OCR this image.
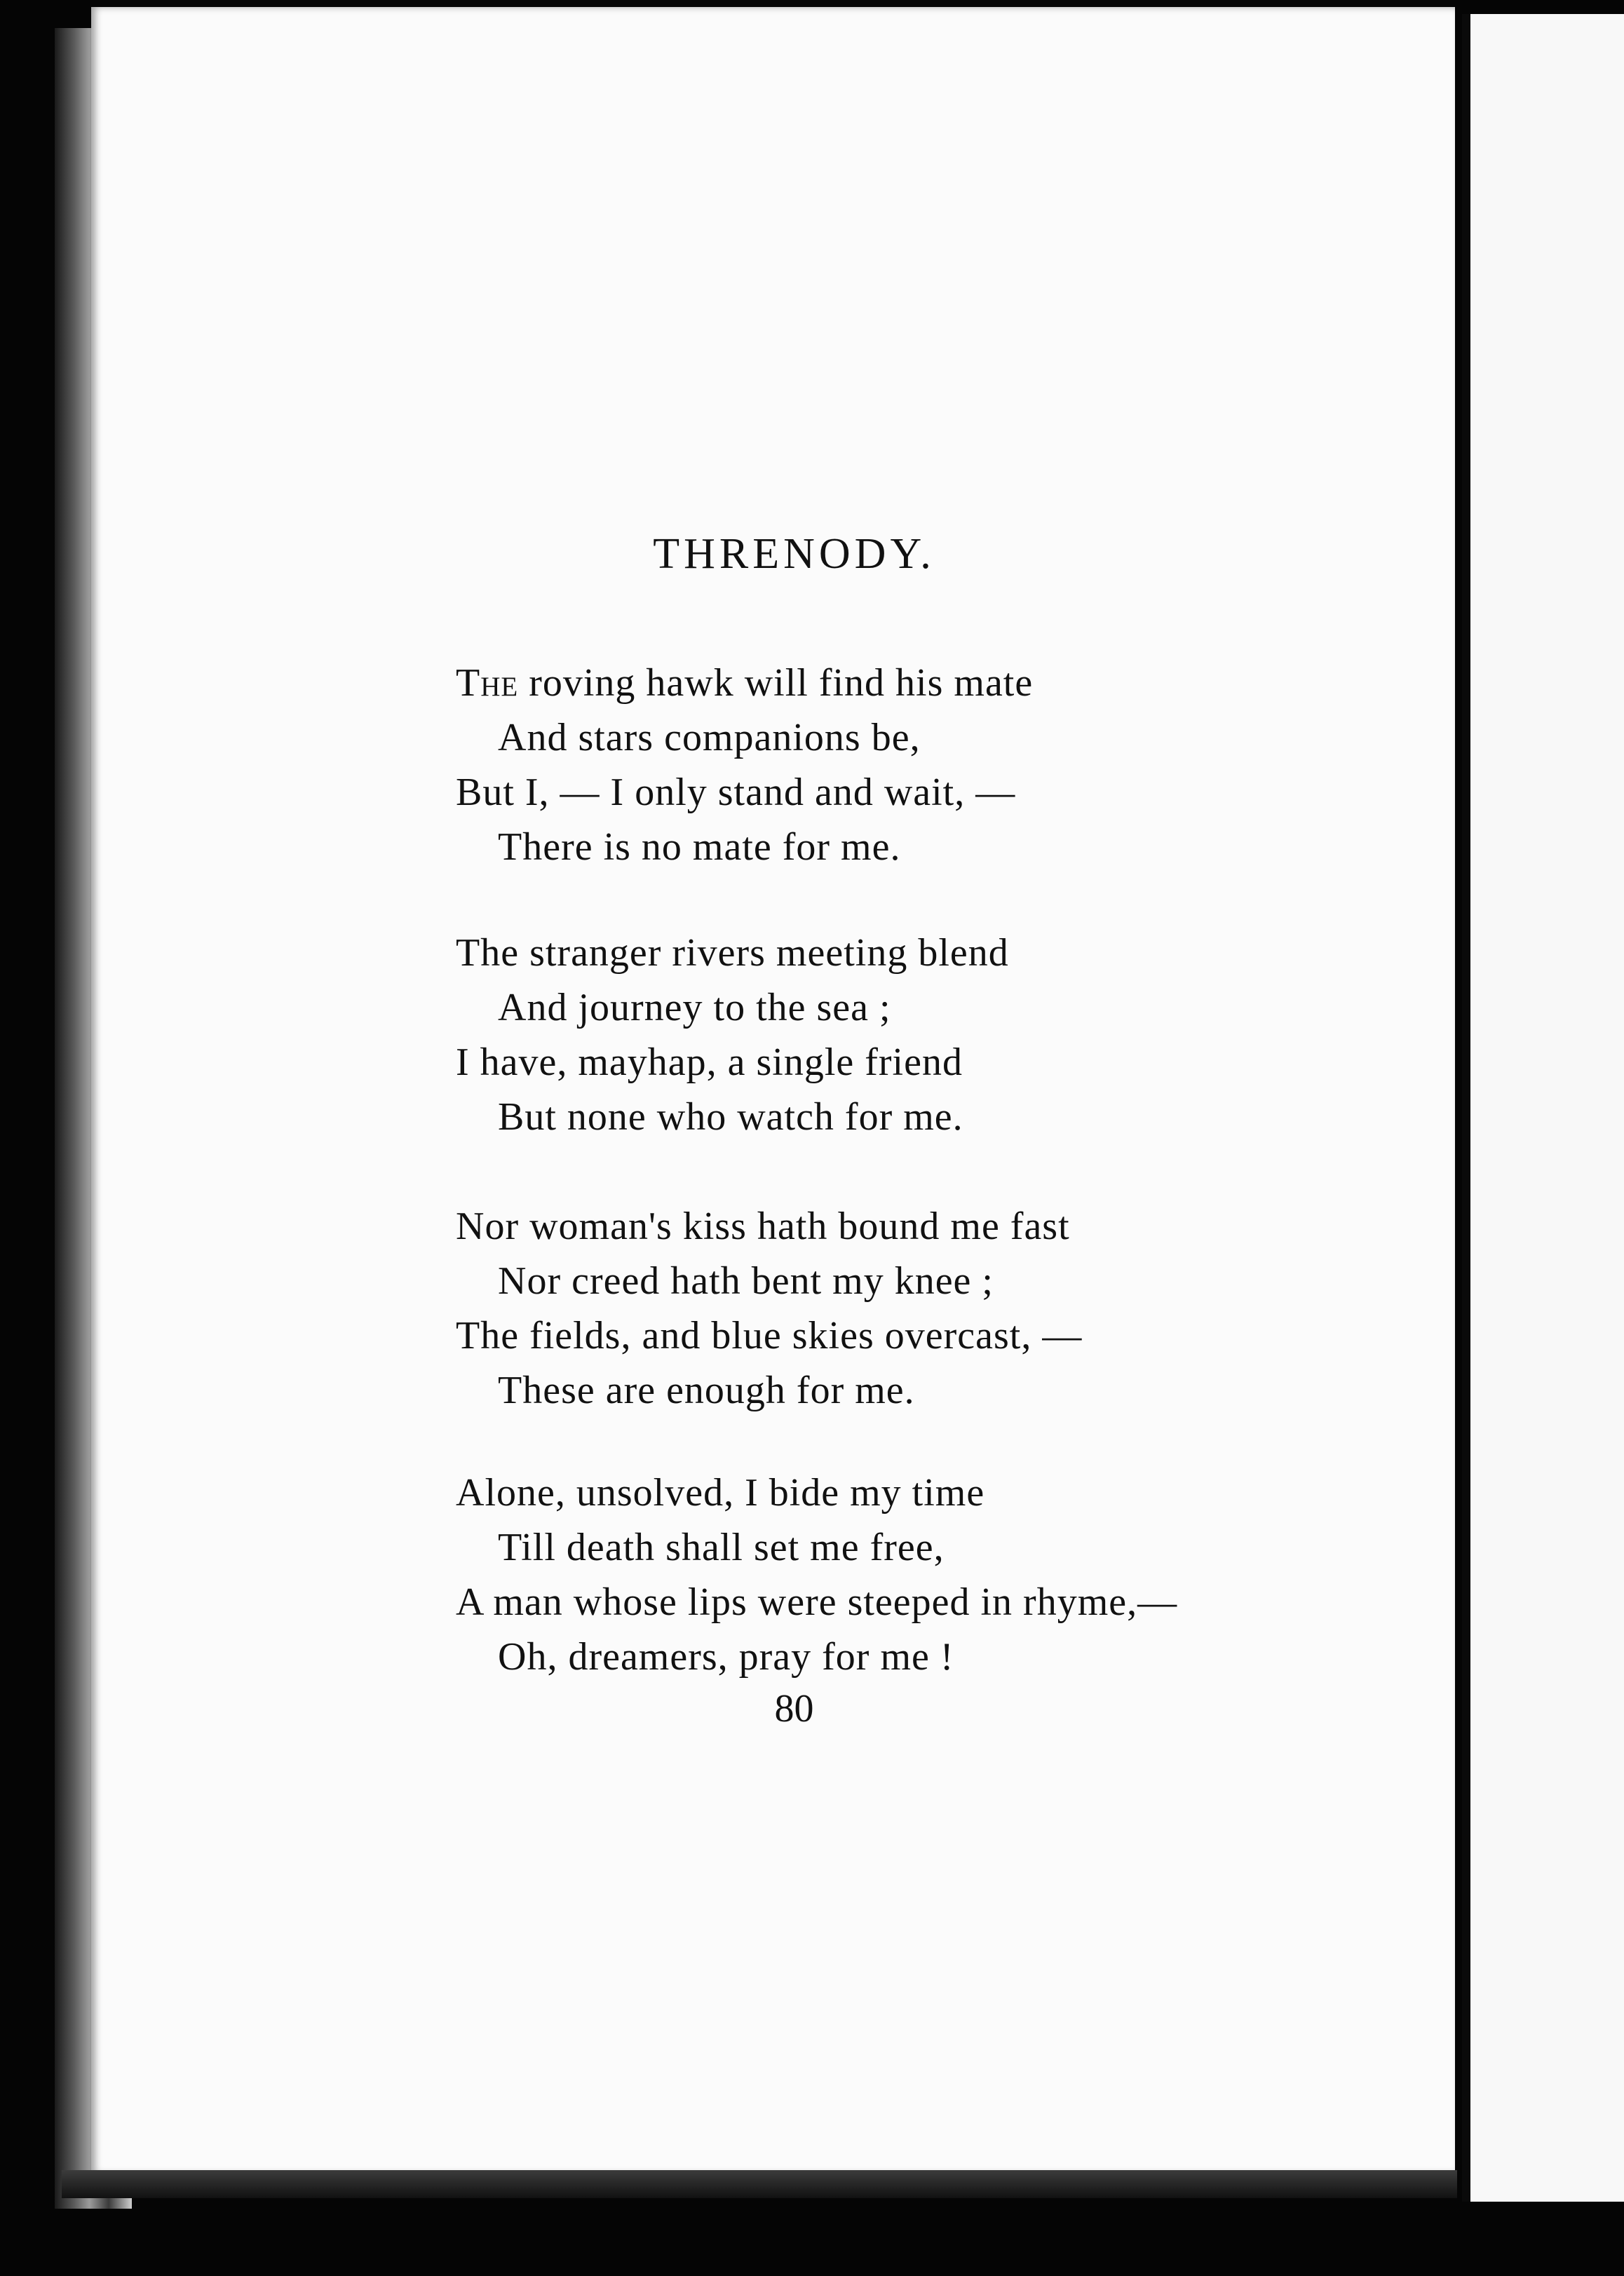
THRENODY.
The roving hawk will find his mate
And stars companions be,
But I, — I only stand and wait, —
There is no mate for me.
The stranger rivers meeting blend
And journey to the sea ;
I have, mayhap, a single friend
But none who watch for me.
Nor woman's kiss hath bound me fast
Nor creed hath bent my knee ;
The fields, and blue skies overcast, —
These are enough for me.
Alone, unsolved, I bide my time
Till death shall set me free,
A man whose lips were steeped in rhyme,—
Oh, dreamers, pray for me !
80
